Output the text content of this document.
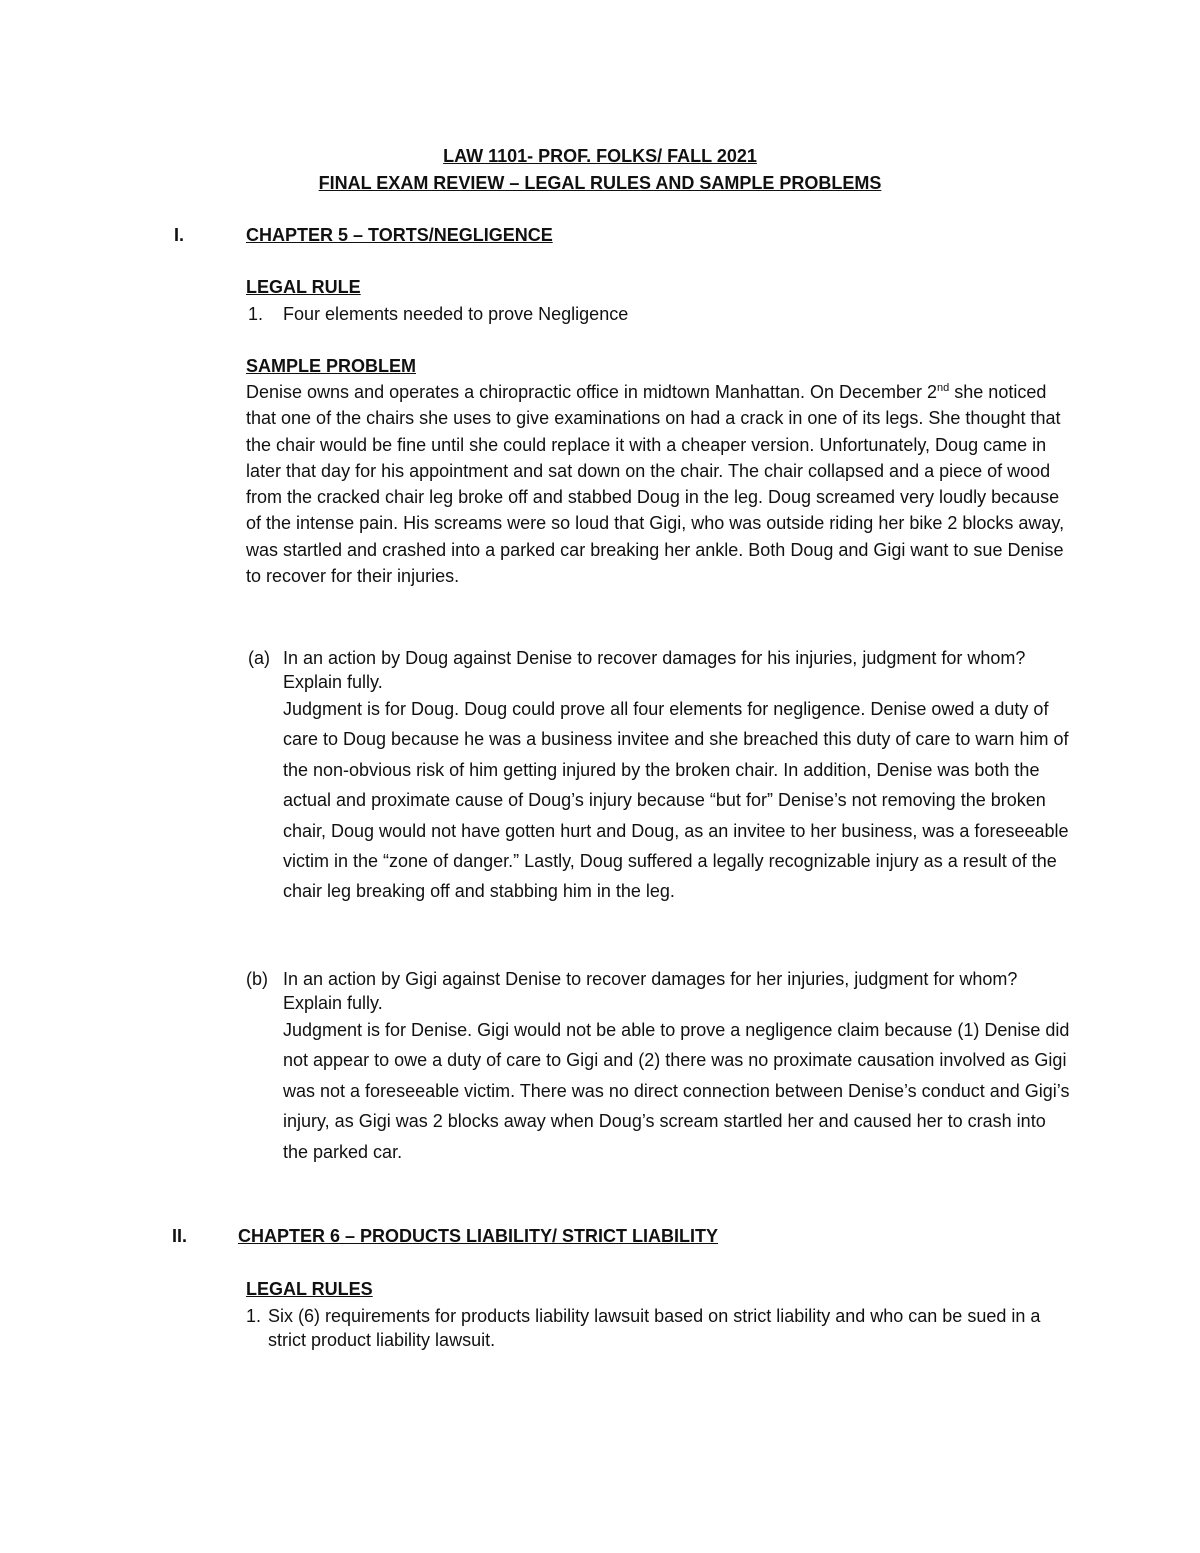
LAW 1101- PROF. FOLKS/ FALL 2021
FINAL EXAM REVIEW – LEGAL RULES AND SAMPLE PROBLEMS
I.	CHAPTER 5 – TORTS/NEGLIGENCE
LEGAL RULE
1. Four elements needed to prove Negligence
SAMPLE PROBLEM
Denise owns and operates a chiropractic office in midtown Manhattan. On December 2nd she noticed that one of the chairs she uses to give examinations on had a crack in one of its legs. She thought that the chair would be fine until she could replace it with a cheaper version. Unfortunately, Doug came in later that day for his appointment and sat down on the chair. The chair collapsed and a piece of wood from the cracked chair leg broke off and stabbed Doug in the leg. Doug screamed very loudly because of the intense pain. His screams were so loud that Gigi, who was outside riding her bike 2 blocks away, was startled and crashed into a parked car breaking her ankle. Both Doug and Gigi want to sue Denise to recover for their injuries.
(a) In an action by Doug against Denise to recover damages for his injuries, judgment for whom? Explain fully.
Judgment is for Doug. Doug could prove all four elements for negligence. Denise owed a duty of care to Doug because he was a business invitee and she breached this duty of care to warn him of the non-obvious risk of him getting injured by the broken chair. In addition, Denise was both the actual and proximate cause of Doug’s injury because “but for” Denise’s not removing the broken chair, Doug would not have gotten hurt and Doug, as an invitee to her business, was a foreseeable victim in the “zone of danger.” Lastly, Doug suffered a legally recognizable injury as a result of the chair leg breaking off and stabbing him in the leg.
(b) In an action by Gigi against Denise to recover damages for her injuries, judgment for whom? Explain fully.
Judgment is for Denise. Gigi would not be able to prove a negligence claim because (1) Denise did not appear to owe a duty of care to Gigi and (2) there was no proximate causation involved as Gigi was not a foreseeable victim. There was no direct connection between Denise’s conduct and Gigi’s injury, as Gigi was 2 blocks away when Doug’s scream startled her and caused her to crash into the parked car.
II.	CHAPTER 6 – PRODUCTS LIABILITY/ STRICT LIABILITY
LEGAL RULES
1. Six (6) requirements for products liability lawsuit based on strict liability and who can be sued in a strict product liability lawsuit.
